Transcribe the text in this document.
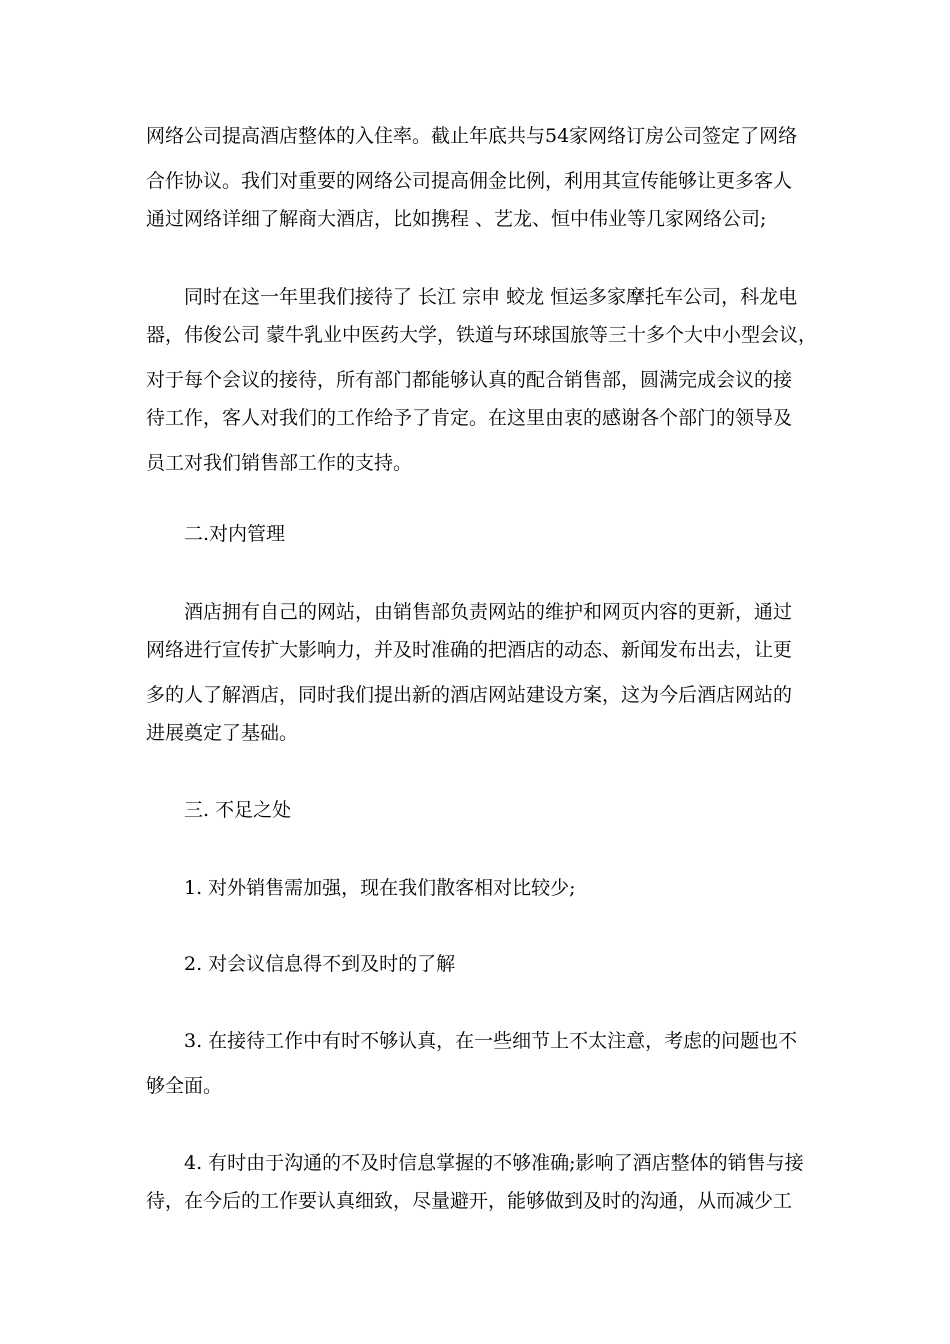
网络公司提高酒店整体的入住率。截止年底共与54家网络订房公司签定了网络
合作协议。我们对重要的网络公司提高佣金比例，利用其宣传能够让更多客人
通过网络详细了解商大酒店，比如携程 、艺龙、恒中伟业等几家网络公司;
同时在这一年里我们接待了 长江 宗申 蛟龙 恒运多家摩托车公司，科龙电
器，伟俊公司 蒙牛乳业中医药大学，铁道与环球国旅等三十多个大中小型会议，
对于每个会议的接待，所有部门都能够认真的配合销售部，圆满完成会议的接
待工作，客人对我们的工作给予了肯定。在这里由衷的感谢各个部门的领导及
员工对我们销售部工作的支持。
二.对内管理
酒店拥有自己的网站，由销售部负责网站的维护和网页内容的更新，通过
网络进行宣传扩大影响力，并及时准确的把酒店的动态、新闻发布出去，让更
多的人了解酒店，同时我们提出新的酒店网站建设方案，这为今后酒店网站的
进展奠定了基础。
三. 不足之处
1. 对外销售需加强，现在我们散客相对比较少;
2. 对会议信息得不到及时的了解
3. 在接待工作中有时不够认真，在一些细节上不太注意，考虑的问题也不
够全面。
4. 有时由于沟通的不及时信息掌握的不够准确;影响了酒店整体的销售与接
待，在今后的工作要认真细致，尽量避开，能够做到及时的沟通，从而减少工
